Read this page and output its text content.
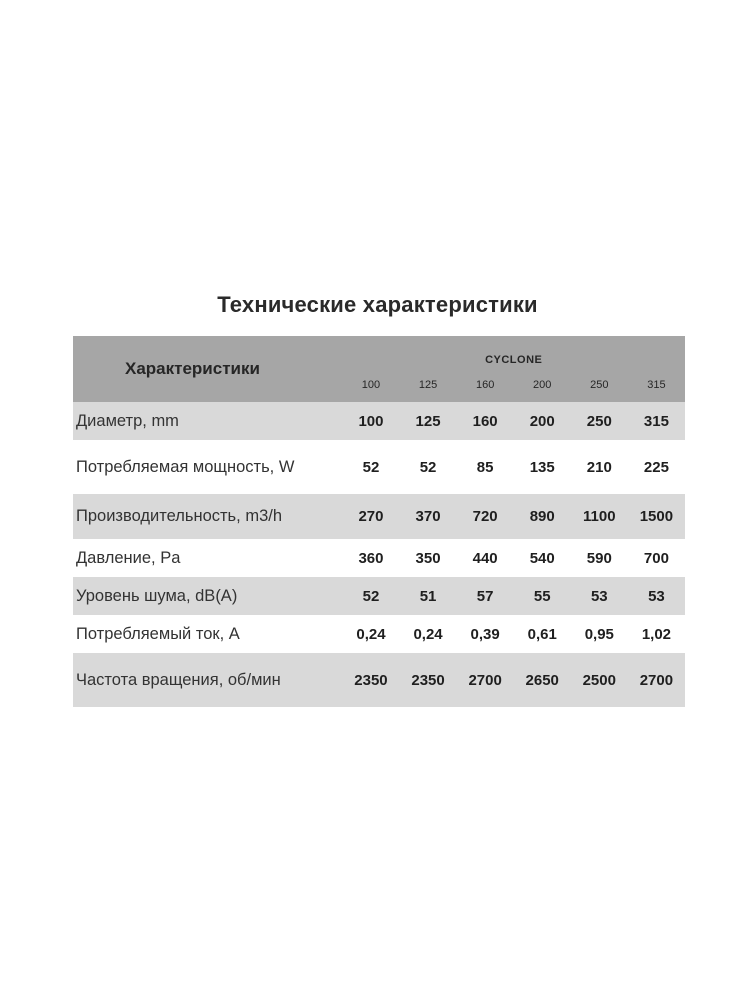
Технические характеристики
Характеристики	CYCLONE					
	100	125	160	200	250	315
Диаметр, mm	100	125	160	200	250	315
Потребляемая мощность, W	52	52	85	135	210	225
Производительность, m3/h	270	370	720	890	1100	1500
Давление, Pa	360	350	440	540	590	700
Уровень шума, dB(A)	52	51	57	55	53	53
Потребляемый ток, A	0,24	0,24	0,39	0,61	0,95	1,02
Частота вращения, об/мин	2350	2350	2700	2650	2500	2700
